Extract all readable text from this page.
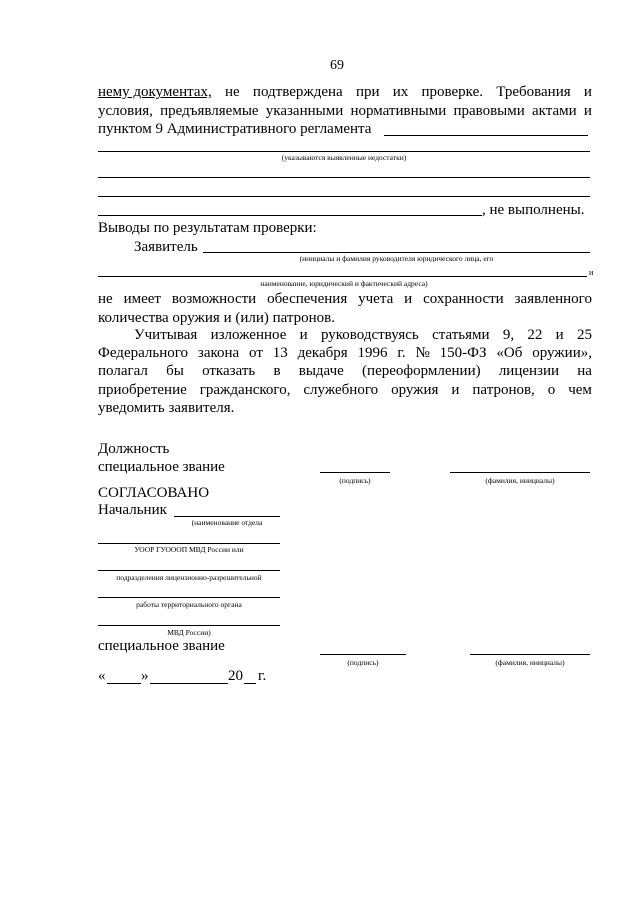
69
нему документах, не подтверждена при их проверке. Требования и
условия, предъявляемые указанными нормативными правовыми актами и
пунктом 9 Административного регламента
(указываются выявленные недостатки)
, не выполнены.
Выводы по результатам проверки:
Заявитель
(инициалы и фамилия руководителя юридического лица, его
и
наименование, юридический и фактический адреса)
не имеет возможности обеспечения учета и сохранности заявленного
количества оружия и (или) патронов.
Учитывая изложенное и руководствуясь статьями 9, 22 и 25
Федерального закона от 13 декабря 1996 г. № 150-ФЗ «Об оружии»,
полагал бы отказать в выдаче (переоформлении) лицензии на
приобретение гражданского, служебного оружия и патронов, о чем
уведомить заявителя.
Должность
специальное звание
(подпись)	(фамилия, инициалы)
СОГЛАСОВАНО
Начальник
(наименование отдела
УООР ГУОООП МВД России или
подразделения лицензионно-разрешительной
работы территориального органа
МВД России)
специальное звание
(подпись)	(фамилия, инициалы)
« »	20 г.
